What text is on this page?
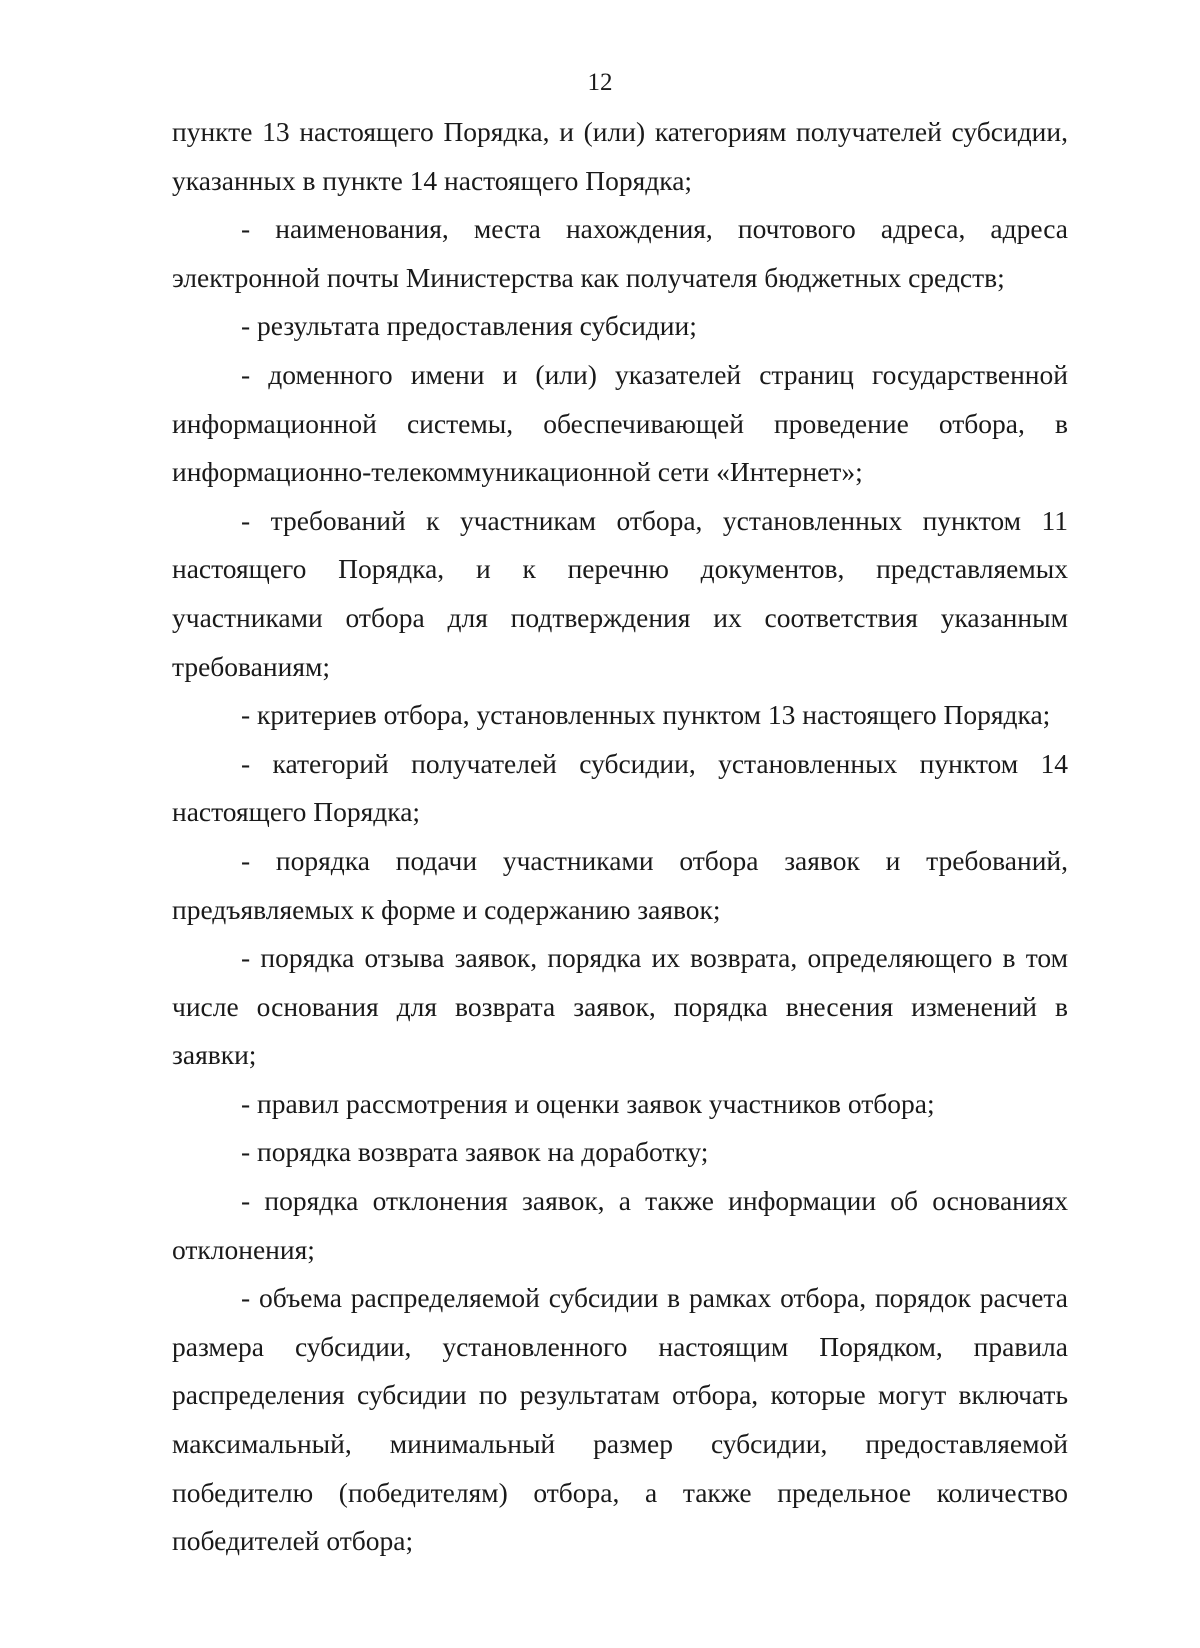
12

пункте 13 настоящего Порядка, и (или) категориям получателей субсидии, указанных в пункте 14 настоящего Порядка;

- наименования, места нахождения, почтового адреса, адреса электронной почты Министерства как получателя бюджетных средств;

- результата предоставления субсидии;

- доменного имени и (или) указателей страниц государственной информационной системы, обеспечивающей проведение отбора, в информационно-телекоммуникационной сети «Интернет»;

- требований к участникам отбора, установленных пунктом 11 настоящего Порядка, и к перечню документов, представляемых участниками отбора для подтверждения их соответствия указанным требованиям;

- критериев отбора, установленных пунктом 13 настоящего Порядка;

- категорий получателей субсидии, установленных пунктом 14 настоящего Порядка;

- порядка подачи участниками отбора заявок и требований, предъявляемых к форме и содержанию заявок;

- порядка отзыва заявок, порядка их возврата, определяющего в том числе основания для возврата заявок, порядка внесения изменений в заявки;

- правил рассмотрения и оценки заявок участников отбора;

- порядка возврата заявок на доработку;

- порядка отклонения заявок, а также информации об основаниях отклонения;

- объема распределяемой субсидии в рамках отбора, порядок расчета размера субсидии, установленного настоящим Порядком, правила распределения субсидии по результатам отбора, которые могут включать максимальный, минимальный размер субсидии, предоставляемой победителю (победителям) отбора, а также предельное количество победителей отбора;
